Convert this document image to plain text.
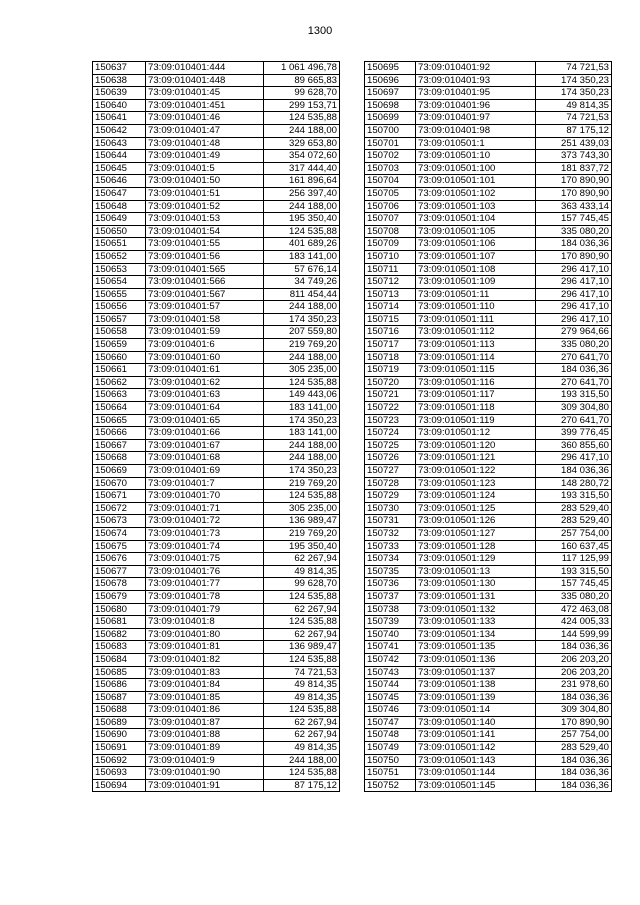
1300
150637	73:09:010401:444	1 061 496,78
150638	73:09:010401:448	89 665,83
150639	73:09:010401:45	99 628,70
150640	73:09:010401:451	299 153,71
150641	73:09:010401:46	124 535,88
150642	73:09:010401:47	244 188,00
150643	73:09:010401:48	329 653,80
150644	73:09:010401:49	354 072,60
150645	73:09:010401:5	317 444,40
150646	73:09:010401:50	161 896,64
150647	73:09:010401:51	256 397,40
150648	73:09:010401:52	244 188,00
150649	73:09:010401:53	195 350,40
150650	73:09:010401:54	124 535,88
150651	73:09:010401:55	401 689,26
150652	73:09:010401:56	183 141,00
150653	73:09:010401:565	57 676,14
150654	73:09:010401:566	34 749,26
150655	73:09:010401:567	811 454,44
150656	73:09:010401:57	244 188,00
150657	73:09:010401:58	174 350,23
150658	73:09:010401:59	207 559,80
150659	73:09:010401:6	219 769,20
150660	73:09:010401:60	244 188,00
150661	73:09:010401:61	305 235,00
150662	73:09:010401:62	124 535,88
150663	73:09:010401:63	149 443,06
150664	73:09:010401:64	183 141,00
150665	73:09:010401:65	174 350,23
150666	73:09:010401:66	183 141,00
150667	73:09:010401:67	244 188,00
150668	73:09:010401:68	244 188,00
150669	73:09:010401:69	174 350,23
150670	73:09:010401:7	219 769,20
150671	73:09:010401:70	124 535,88
150672	73:09:010401:71	305 235,00
150673	73:09:010401:72	136 989,47
150674	73:09:010401:73	219 769,20
150675	73:09:010401:74	195 350,40
150676	73:09:010401:75	62 267,94
150677	73:09:010401:76	49 814,35
150678	73:09:010401:77	99 628,70
150679	73:09:010401:78	124 535,88
150680	73:09:010401:79	62 267,94
150681	73:09:010401:8	124 535,88
150682	73:09:010401:80	62 267,94
150683	73:09:010401:81	136 989,47
150684	73:09:010401:82	124 535,88
150685	73:09:010401:83	74 721,53
150686	73:09:010401:84	49 814,35
150687	73:09:010401:85	49 814,35
150688	73:09:010401:86	124 535,88
150689	73:09:010401:87	62 267,94
150690	73:09:010401:88	62 267,94
150691	73:09:010401:89	49 814,35
150692	73:09:010401:9	244 188,00
150693	73:09:010401:90	124 535,88
150694	73:09:010401:91	87 175,12
150695	73:09:010401:92	74 721,53
150696	73:09:010401:93	174 350,23
150697	73:09:010401:95	174 350,23
150698	73:09:010401:96	49 814,35
150699	73:09:010401:97	74 721,53
150700	73:09:010401:98	87 175,12
150701	73:09:010501:1	251 439,03
150702	73:09:010501:10	373 743,30
150703	73:09:010501:100	181 837,72
150704	73:09:010501:101	170 890,90
150705	73:09:010501:102	170 890,90
150706	73:09:010501:103	363 433,14
150707	73:09:010501:104	157 745,45
150708	73:09:010501:105	335 080,20
150709	73:09:010501:106	184 036,36
150710	73:09:010501:107	170 890,90
150711	73:09:010501:108	296 417,10
150712	73:09:010501:109	296 417,10
150713	73:09:010501:11	296 417,10
150714	73:09:010501:110	296 417,10
150715	73:09:010501:111	296 417,10
150716	73:09:010501:112	279 964,66
150717	73:09:010501:113	335 080,20
150718	73:09:010501:114	270 641,70
150719	73:09:010501:115	184 036,36
150720	73:09:010501:116	270 641,70
150721	73:09:010501:117	193 315,50
150722	73:09:010501:118	309 304,80
150723	73:09:010501:119	270 641,70
150724	73:09:010501:12	399 776,45
150725	73:09:010501:120	360 855,60
150726	73:09:010501:121	296 417,10
150727	73:09:010501:122	184 036,36
150728	73:09:010501:123	148 280,72
150729	73:09:010501:124	193 315,50
150730	73:09:010501:125	283 529,40
150731	73:09:010501:126	283 529,40
150732	73:09:010501:127	257 754,00
150733	73:09:010501:128	160 637,45
150734	73:09:010501:129	117 125,99
150735	73:09:010501:13	193 315,50
150736	73:09:010501:130	157 745,45
150737	73:09:010501:131	335 080,20
150738	73:09:010501:132	472 463,08
150739	73:09:010501:133	424 005,33
150740	73:09:010501:134	144 599,99
150741	73:09:010501:135	184 036,36
150742	73:09:010501:136	206 203,20
150743	73:09:010501:137	206 203,20
150744	73:09:010501:138	231 978,60
150745	73:09:010501:139	184 036,36
150746	73:09:010501:14	309 304,80
150747	73:09:010501:140	170 890,90
150748	73:09:010501:141	257 754,00
150749	73:09:010501:142	283 529,40
150750	73:09:010501:143	184 036,36
150751	73:09:010501:144	184 036,36
150752	73:09:010501:145	184 036,36
